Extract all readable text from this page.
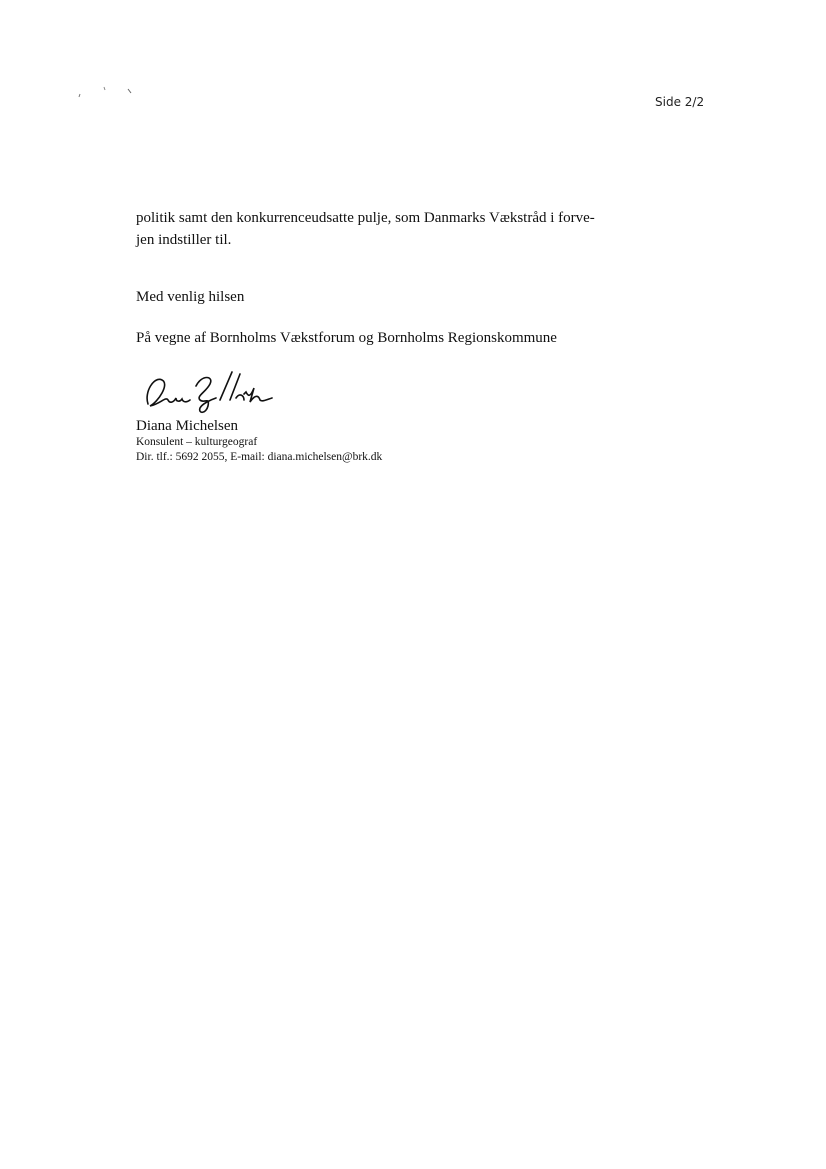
Side 2/2

politik samt den konkurrenceudsatte pulje, som Danmarks Vækstråd i forve-

jen indstiller til.

Med venlig hilsen
På vegne af Bornholms Vækstforum og Bornholms Regionskommune
Diana Michelsen
Konsulent – kulturgeograf
Dir. tlf.: 5692 2055, E-mail: diana.michelsen@brk.dk
